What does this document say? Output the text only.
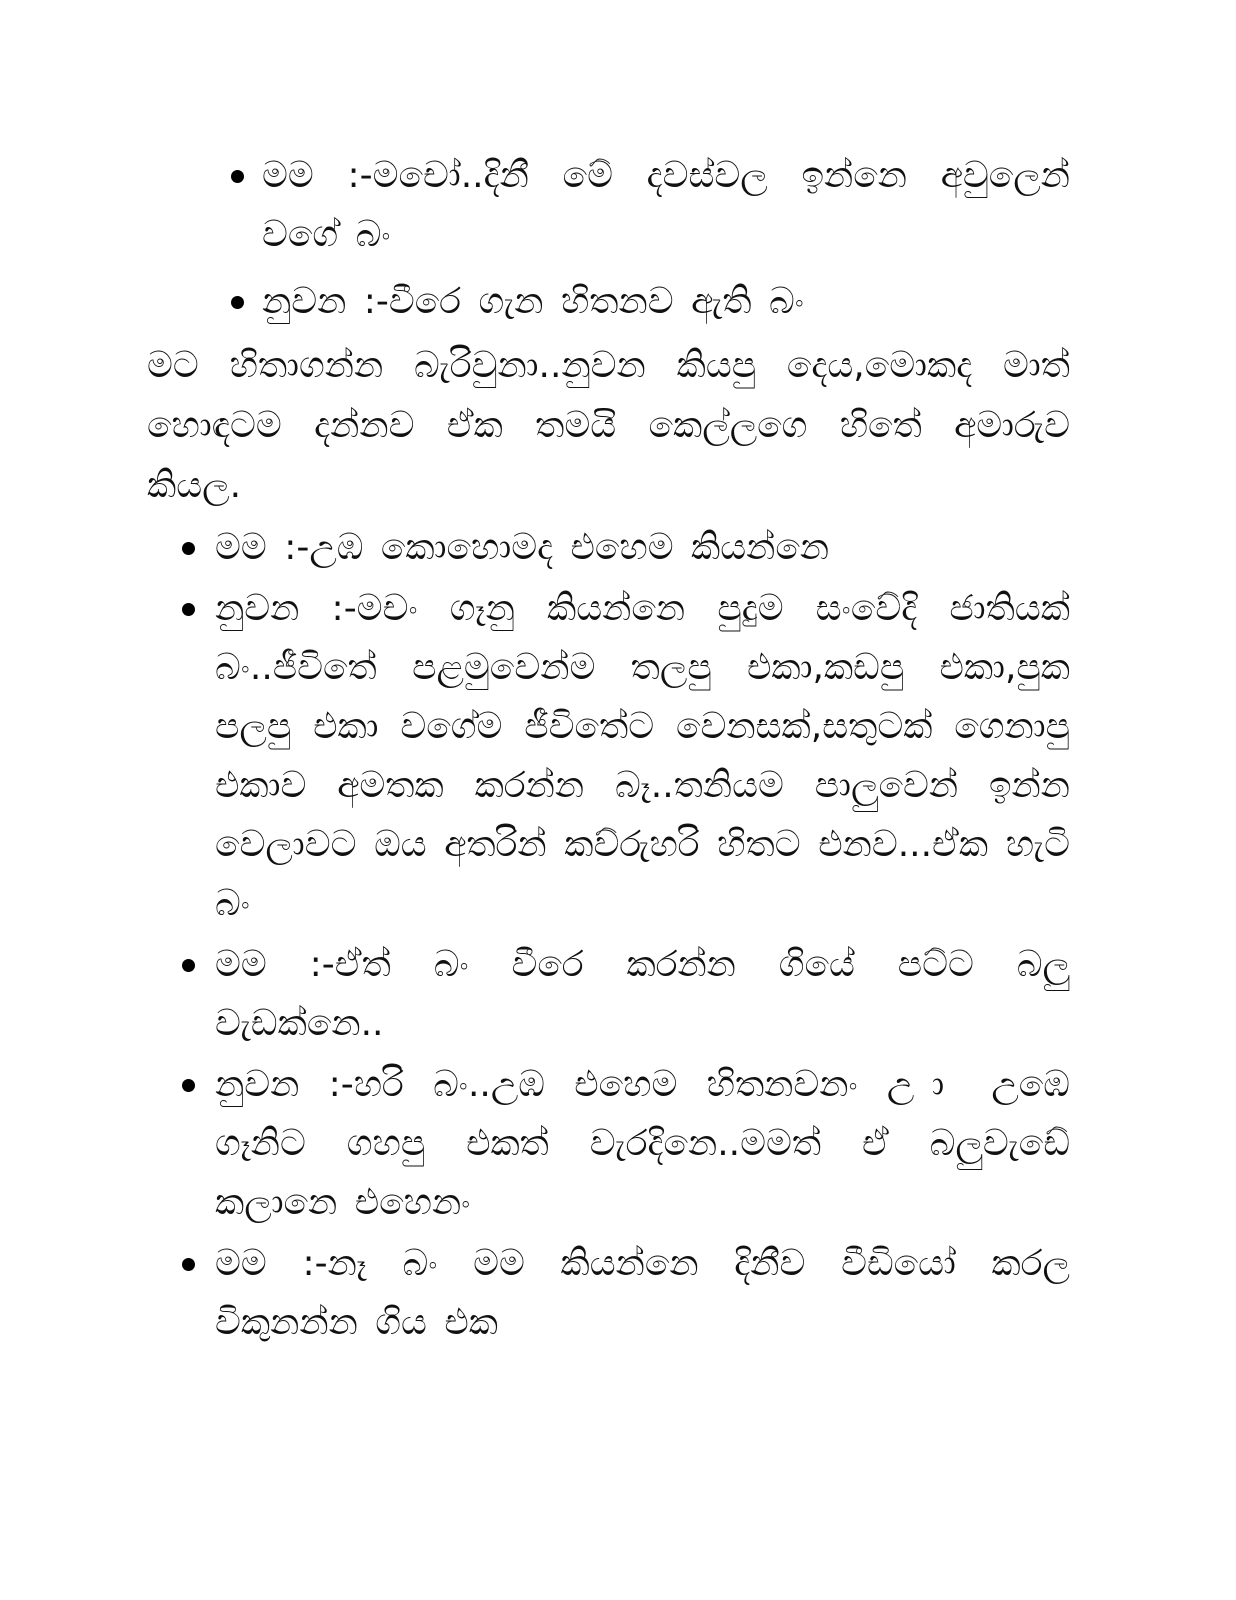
මම :-මචෝ..දිනී මේ දවස්වල ඉන්නෙ අවුලෙන් වගේ බං
නුවන :-වීරෙ ගැන හිතනව ඇති බං

මට හිතාගන්න බැරිවුනා..නුවන කියපු දෙය,මොකද මාත් හොඳටම දන්නව ඒක තමයි කෙල්ලගෙ හිතේ අමාරුව කියල.

මම :-උඹ කොහොමද එහෙම කියන්නෙ
නුවන :-මචං ගෑනු කියන්නෙ පුදුම සංවේදි ජාතියක් බං..ජීවිතේ පළමුවෙන්ම තලපු එකා,කඩපු එකා,පුක පලපු එකා වගේම ජීවිතේට වෙනසක්,සතුටක් ගෙනාපු එකාව අමතක කරන්න බෑ..තනියම පාලුවෙන් ඉන්න වෙලාවට ඔය අතරින් කව්රුහරි හිතට එනව...ඒක හැටි බං
මම :-ඒත් බං වීරෙ කරන්න ගියේ පට්ට බලු වැඩක්නෙ..
නුවන :-හරි බං..උඹ එහෙම හිතනවනං උ ා උඹෙ ගෑනිට ගහපු එකත් වැරදිනෙ..මමත් ඒ බලුවැඩේ කලානෙ එහෙනං
මම :-නෑ බං මම කියන්නෙ දිනීව වීඩියෝ කරල විකුනන්න ගිය එක
